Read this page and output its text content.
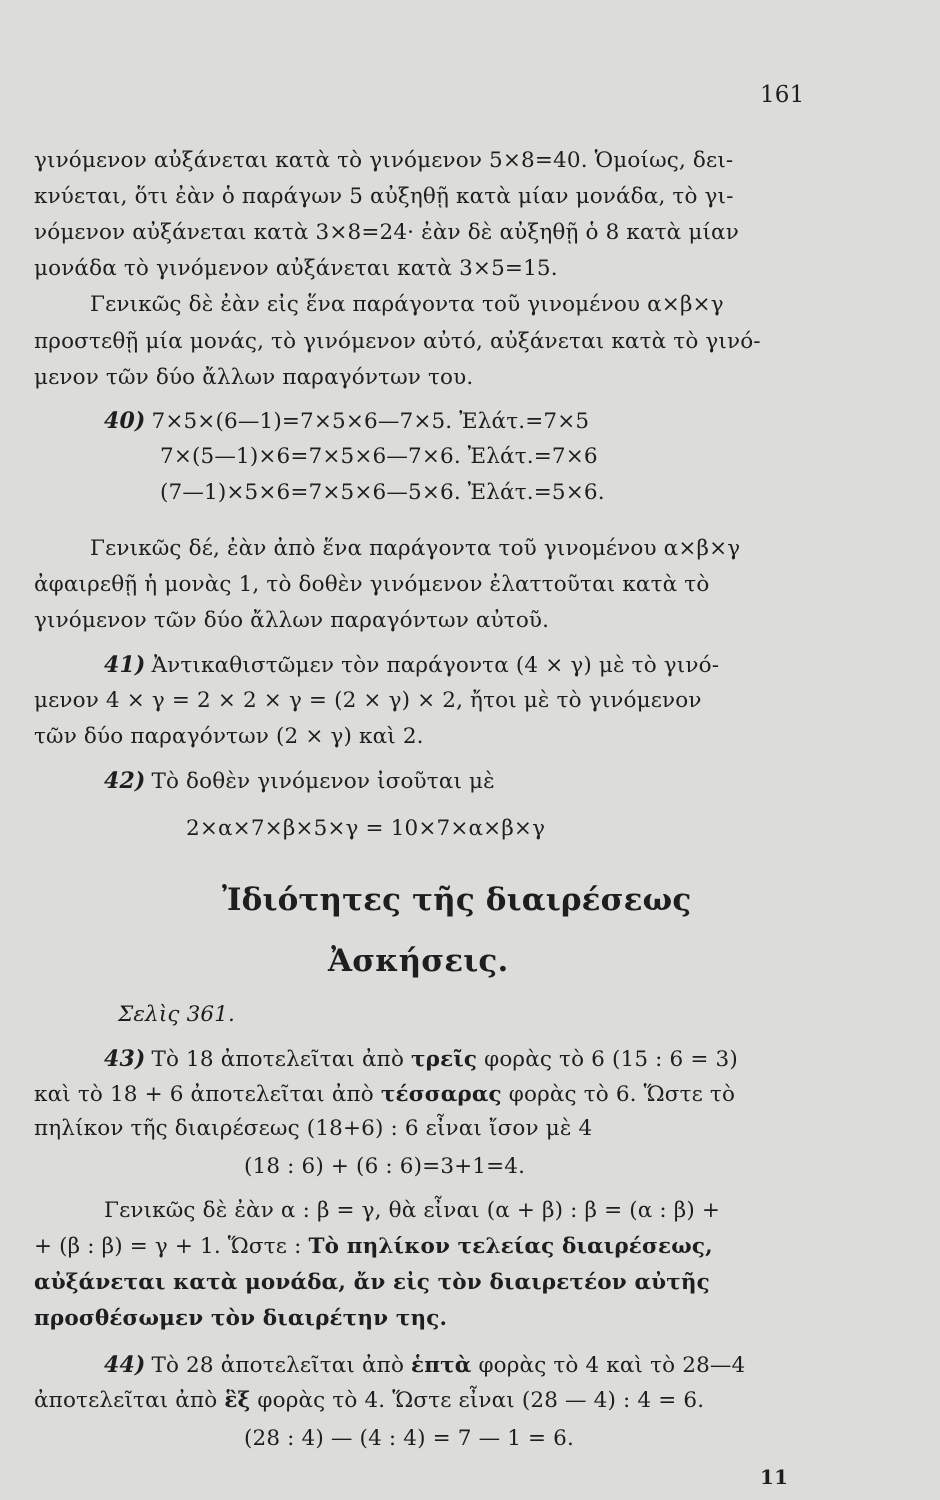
161
γινόμενον αὐξάνεται κατὰ τὸ γινόμενον 5×8=40. Ὁμοίως, δει-
κνύεται, ὅτι ἐὰν ὁ παράγων 5 αὐξηθῇ κατὰ μίαν μονάδα, τὸ γι-
νόμενον αὐξάνεται κατὰ 3×8=24· ἐὰν δὲ αὐξηθῇ ὁ 8 κατὰ μίαν
μονάδα τὸ γινόμενον αὐξάνεται κατὰ 3×5=15.
Γενικῶς δὲ ἐὰν εἰς ἕνα παράγοντα τοῦ γινομένου α×β×γ
προστεθῇ μία μονάς, τὸ γινόμενον αὐτό, αὐξάνεται κατὰ τὸ γινό-
μενον τῶν δύο ἄλλων παραγόντων του.
40) 7×5×(6—1)=7×5×6—7×5. Ἐλάτ.=7×5
7×(5—1)×6=7×5×6—7×6. Ἐλάτ.=7×6
(7—1)×5×6=7×5×6—5×6. Ἐλάτ.=5×6.
Γενικῶς δέ, ἐὰν ἀπὸ ἕνα παράγοντα τοῦ γινομένου α×β×γ
ἀφαιρεθῇ ἡ μονὰς 1, τὸ δοθὲν γινόμενον ἐλαττοῦται κατὰ τὸ
γινόμενον τῶν δύο ἄλλων παραγόντων αὐτοῦ.
41) Ἀντικαθιστῶμεν τὸν παράγοντα (4 × γ) μὲ τὸ γινό-
μενον 4 × γ = 2 × 2 × γ = (2 × γ) × 2, ἤτοι μὲ τὸ γινόμενον
τῶν δύο παραγόντων (2 × γ) καὶ 2.
42) Τὸ δοθὲν γινόμενον ἰσοῦται μὲ
2×α×7×β×5×γ = 10×7×α×β×γ
Ἰδιότητες τῆς διαιρέσεως
Ἀσκήσεις.
Σελὶς 361.
43) Τὸ 18 ἀποτελεῖται ἀπὸ τρεῖς φορὰς τὸ 6 (15 : 6 = 3)
καὶ τὸ 18 + 6 ἀποτελεῖται ἀπὸ τέσσαρας φορὰς τὸ 6. Ὥστε τὸ
πηλίκον τῆς διαιρέσεως (18+6) : 6 εἶναι ἴσον μὲ 4
(18 : 6) + (6 : 6)=3+1=4.
Γενικῶς δὲ ἐὰν α : β = γ, θὰ εἶναι (α + β) : β = (α : β) +
+ (β : β) = γ + 1. Ὥστε : Τὸ πηλίκον τελείας διαιρέσεως,
αὐξάνεται κατὰ μονάδα, ἄν εἰς τὸν διαιρετέον αὐτῆς
προσθέσωμεν τὸν διαιρέτην της.
44) Τὸ 28 ἀποτελεῖται ἀπὸ ἑπτὰ φορὰς τὸ 4 καὶ τὸ 28—4
ἀποτελεῖται ἀπὸ ἓξ φορὰς τὸ 4. Ὥστε εἶναι (28 — 4) : 4 = 6.
(28 : 4) — (4 : 4) = 7 — 1 = 6.
11
